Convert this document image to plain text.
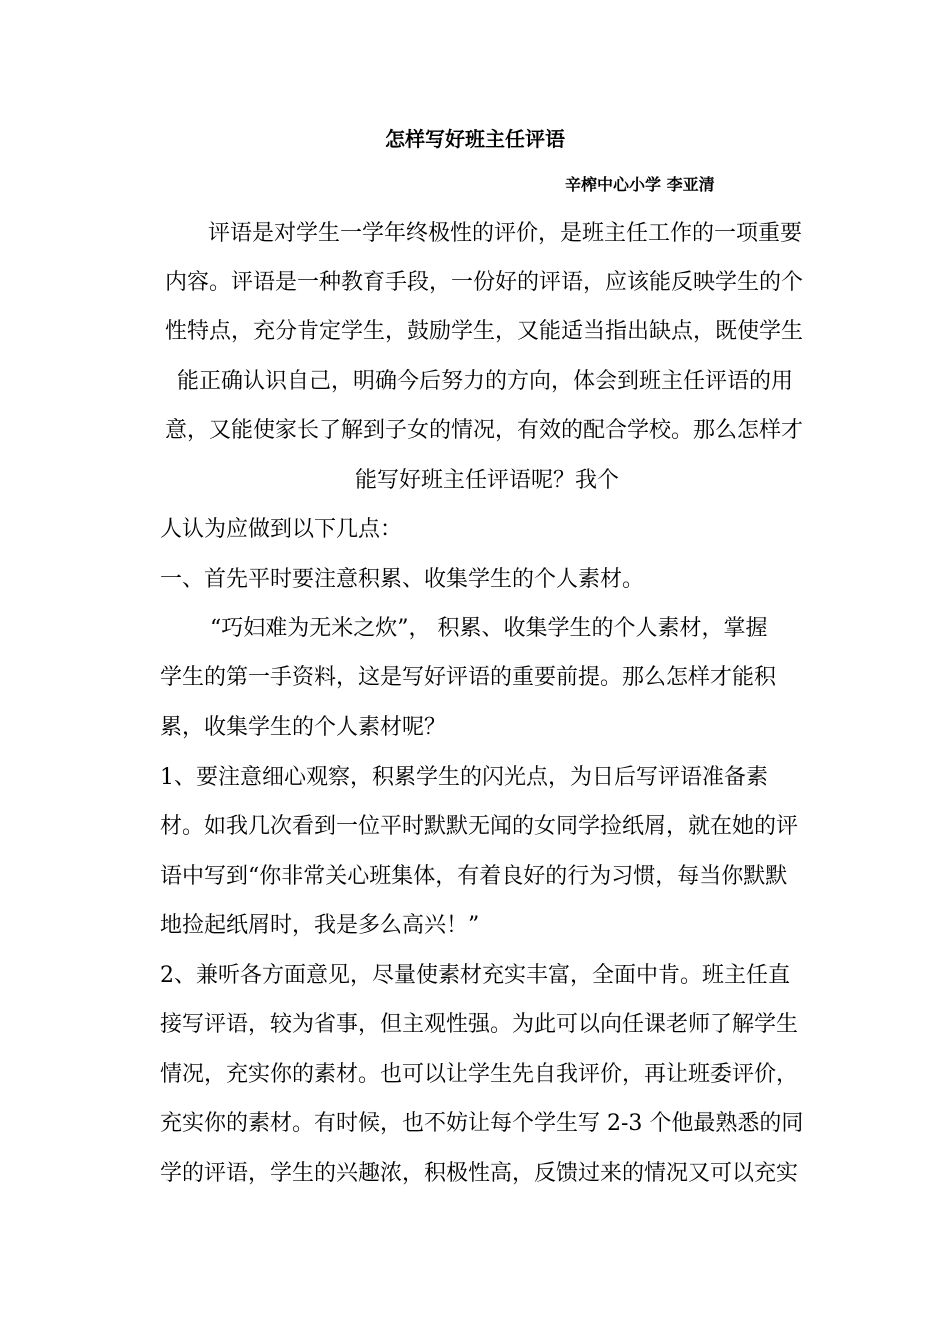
怎样写好班主任评语
辛榨中心小学 李亚清
评语是对学生一学年终极性的评价，是班主任工作的一项重要
内容。评语是一种教育手段，一份好的评语，应该能反映学生的个
性特点，充分肯定学生，鼓励学生，又能适当指出缺点，既使学生
能正确认识自己，明确今后努力的方向，体会到班主任评语的用
意，又能使家长了解到子女的情况，有效的配合学校。那么怎样才
能写好班主任评语呢？我个
人认为应做到以下几点：
一、首先平时要注意积累、收集学生的个人素材。
“巧妇难为无米之炊”， 积累、收集学生的个人素材，掌握
学生的第一手资料，这是写好评语的重要前提。那么怎样才能积
累，收集学生的个人素材呢？
1、要注意细心观察，积累学生的闪光点，为日后写评语准备素
材。如我几次看到一位平时默默无闻的女同学捡纸屑，就在她的评
语中写到“你非常关心班集体，有着良好的行为习惯，每当你默默
地捡起纸屑时，我是多么高兴！”
2、兼听各方面意见，尽量使素材充实丰富，全面中肯。班主任直
接写评语，较为省事，但主观性强。为此可以向任课老师了解学生
情况，充实你的素材。也可以让学生先自我评价，再让班委评价，
充实你的素材。有时候，也不妨让每个学生写 2-3 个他最熟悉的同
学的评语，学生的兴趣浓，积极性高，反馈过来的情况又可以充实
